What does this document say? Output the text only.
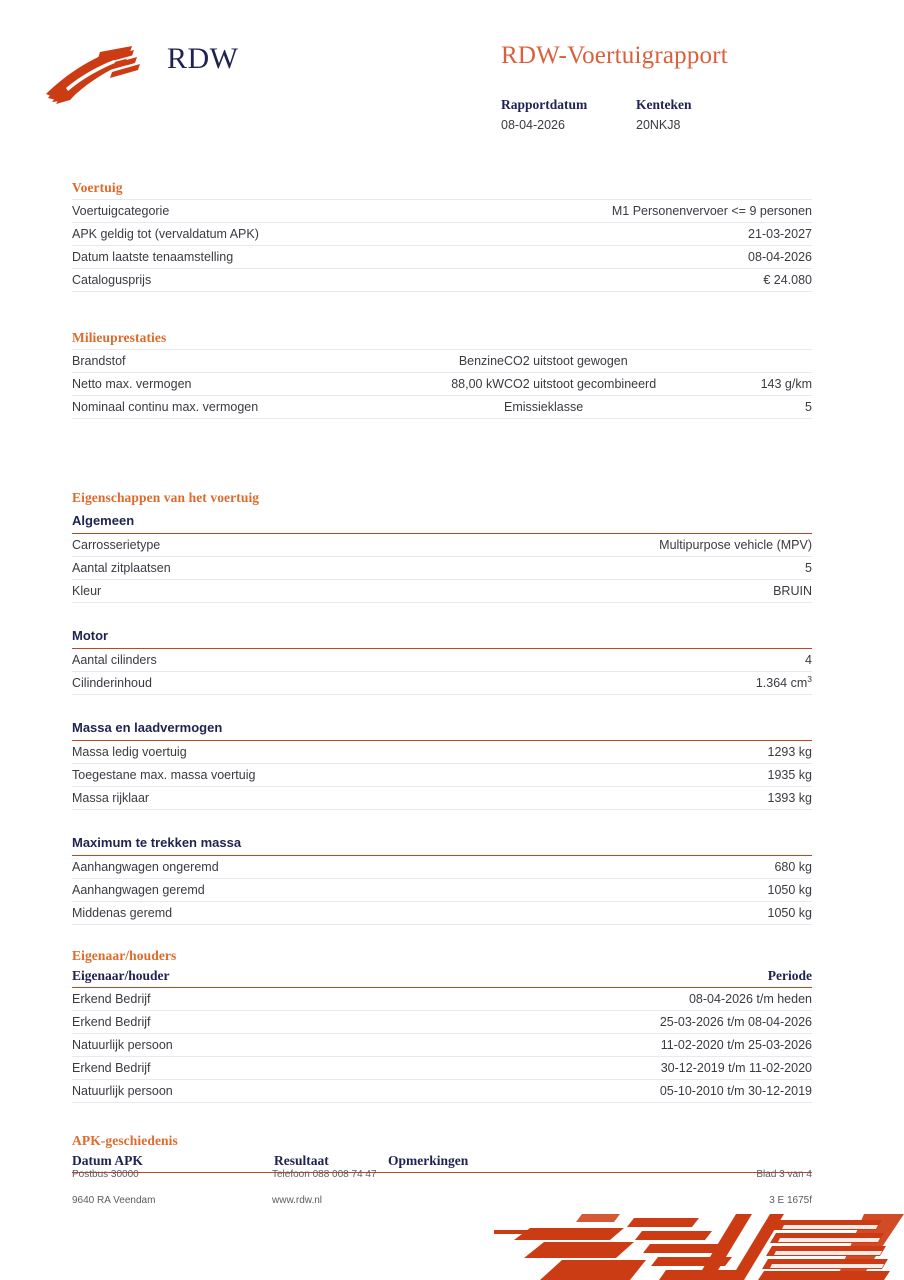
RDW	RDW-Voertuigrapport
Rapportdatum
08-04-2026
Kenteken
20NKJ8
Voertuig
Voertuigcategorie	M1 Personenvervoer <= 9 personen
APK geldig tot (vervaldatum APK)	21-03-2027
Datum laatste tenaamstelling	08-04-2026
Catalogusprijs	€ 24.080
Milieuprestaties
Brandstof	Benzine	CO2 uitstoot gewogen	
Netto max. vermogen	88,00 kW	CO2 uitstoot gecombineerd	143 g/km
Nominaal continu max. vermogen		Emissieklasse	5
Eigenschappen van het voertuig
Algemeen
Carrosserietype	Multipurpose vehicle (MPV)
Aantal zitplaatsen	5
Kleur	BRUIN
Motor
Aantal cilinders	4
Cilinderinhoud	1.364 $cm^3$
Massa en laadvermogen
Massa ledig voertuig	1293 kg
Toegestane max. massa voertuig	1935 kg
Massa rijklaar	1393 kg
Maximum te trekken massa
Aanhangwagen ongeremd	680 kg
Aanhangwagen geremd	1050 kg
Middenas geremd	1050 kg
Eigenaar/houders
Eigenaar/houder	Periode
Erkend Bedrijf	08-04-2026 t/m heden
Erkend Bedrijf	25-03-2026 t/m 08-04-2026
Natuurlijk persoon	11-02-2020 t/m 25-03-2026
Erkend Bedrijf	30-12-2019 t/m 11-02-2020
Natuurlijk persoon	05-10-2010 t/m 30-12-2019
APK-geschiedenis
Datum APK	Resultaat	Opmerkingen
Postbus 30000	Telefoon 088 008 74 47	Blad 3 van 4
9640 RA Veendam	www.rdw.nl	3 E 1675f
